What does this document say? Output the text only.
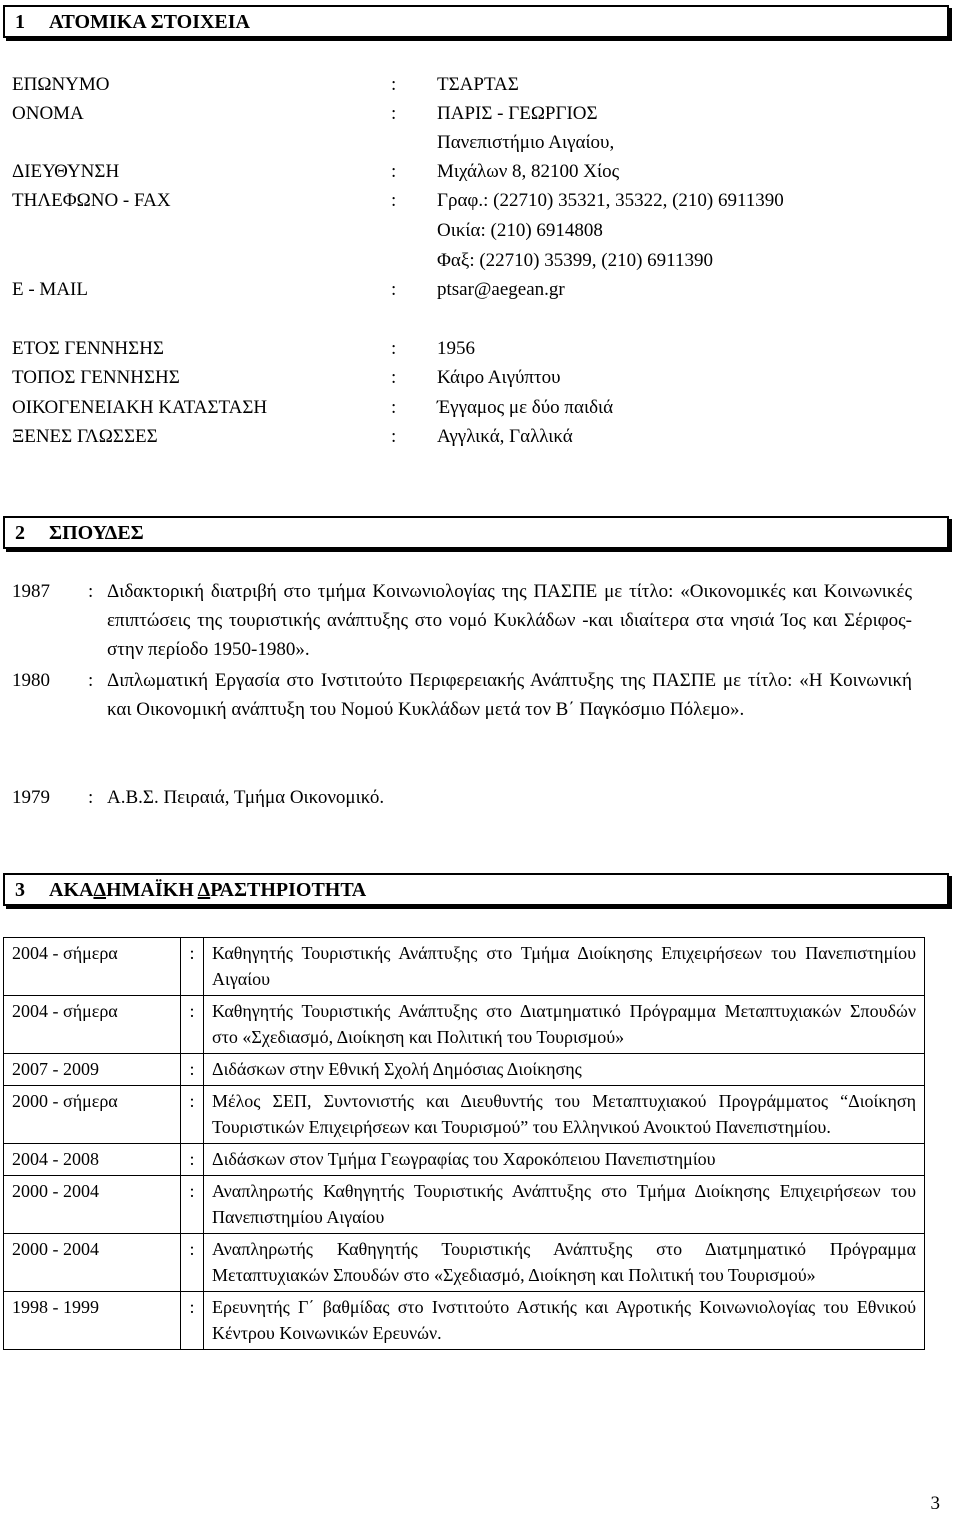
1 ΑΤΟΜΙΚΑ ΣΤΟΙΧΕΙΑ
ΕΠΩΝΥΜΟ	: ΤΣΑΡΤΑΣ
ΟΝΟΜΑ	: ΠΑΡΙΣ - ΓΕΩΡΓΙΟΣ
Πανεπιστήμιο Αιγαίου,
ΔΙΕΥΘΥΝΣΗ	: Μιχάλων 8, 82100 Χίος
ΤΗΛΕΦΩΝΟ - FAX	: Γραφ.: (22710) 35321, 35322, (210) 6911390
Οικία: (210) 6914808
Φαξ: (22710) 35399, (210) 6911390
E - MAIL	: ptsar@aegean.gr
ΕΤΟΣ ΓΕΝΝΗΣΗΣ	: 1956
ΤΟΠΟΣ ΓΕΝΝΗΣΗΣ	: Κάιρο Αιγύπτου
ΟΙΚΟΓΕΝΕΙΑΚΗ ΚΑΤΑΣΤΑΣΗ	: Έγγαμος με δύο παιδιά
ΞΕΝΕΣ ΓΛΩΣΣΕΣ	: Αγγλικά, Γαλλικά
2 ΣΠΟΥΔΕΣ
1987 : Διδακτορική διατριβή στο τμήμα Κοινωνιολογίας της ΠΑΣΠΕ με τίτλο: «Οικονομικές και Κοινωνικές επιπτώσεις της τουριστικής ανάπτυξης στο νομό Κυκλάδων -και ιδιαίτερα στα νησιά Ίος και Σέριφος- στην περίοδο 1950-1980».
1980 : Διπλωματική Εργασία στο Ινστιτούτο Περιφερειακής Ανάπτυξης της ΠΑΣΠΕ με τίτλο: «Η Κοινωνική και Οικονομική ανάπτυξη του Νομού Κυκλάδων μετά τον Β΄ Παγκόσμιο Πόλεμο».
1979 : Α.Β.Σ. Πειραιά, Τμήμα Οικονομικό.
3 ΑΚΑΔΗΜΑΪΚΗ ΔΡΑΣΤΗΡΙΟΤΗΤΑ
2004 - σήμερα	:	Καθηγητής Τουριστικής Ανάπτυξης στο Τμήμα Διοίκησης Επιχειρήσεων του Πανεπιστημίου Αιγαίου
2004 - σήμερα	:	Καθηγητής Τουριστικής Ανάπτυξης στο Διατμηματικό Πρόγραμμα Μεταπτυχιακών Σπουδών στο «Σχεδιασμό, Διοίκηση και Πολιτική του Τουρισμού»
2007 - 2009	:	Διδάσκων στην Εθνική Σχολή Δημόσιας Διοίκησης
2000 - σήμερα	:	Μέλος ΣΕΠ, Συντονιστής και Διευθυντής του Μεταπτυχιακού Προγράμματος “Διοίκηση Τουριστικών Επιχειρήσεων και Τουρισμού” του Ελληνικού Ανοικτού Πανεπιστημίου.
2004 - 2008	:	Διδάσκων στον Τμήμα Γεωγραφίας του Χαροκόπειου Πανεπιστημίου
2000 - 2004	:	Αναπληρωτής Καθηγητής Τουριστικής Ανάπτυξης στο Τμήμα Διοίκησης Επιχειρήσεων του Πανεπιστημίου Αιγαίου
2000 - 2004	:	Αναπληρωτής Καθηγητής Τουριστικής Ανάπτυξης στο Διατμηματικό Πρόγραμμα Μεταπτυχιακών Σπουδών στο «Σχεδιασμό, Διοίκηση και Πολιτική του Τουρισμού»
1998 - 1999	:	Ερευνητής Γ΄ βαθμίδας στο Ινστιτούτο Αστικής και Αγροτικής Κοινωνιολογίας του Εθνικού Κέντρου Κοινωνικών Ερευνών.
3
